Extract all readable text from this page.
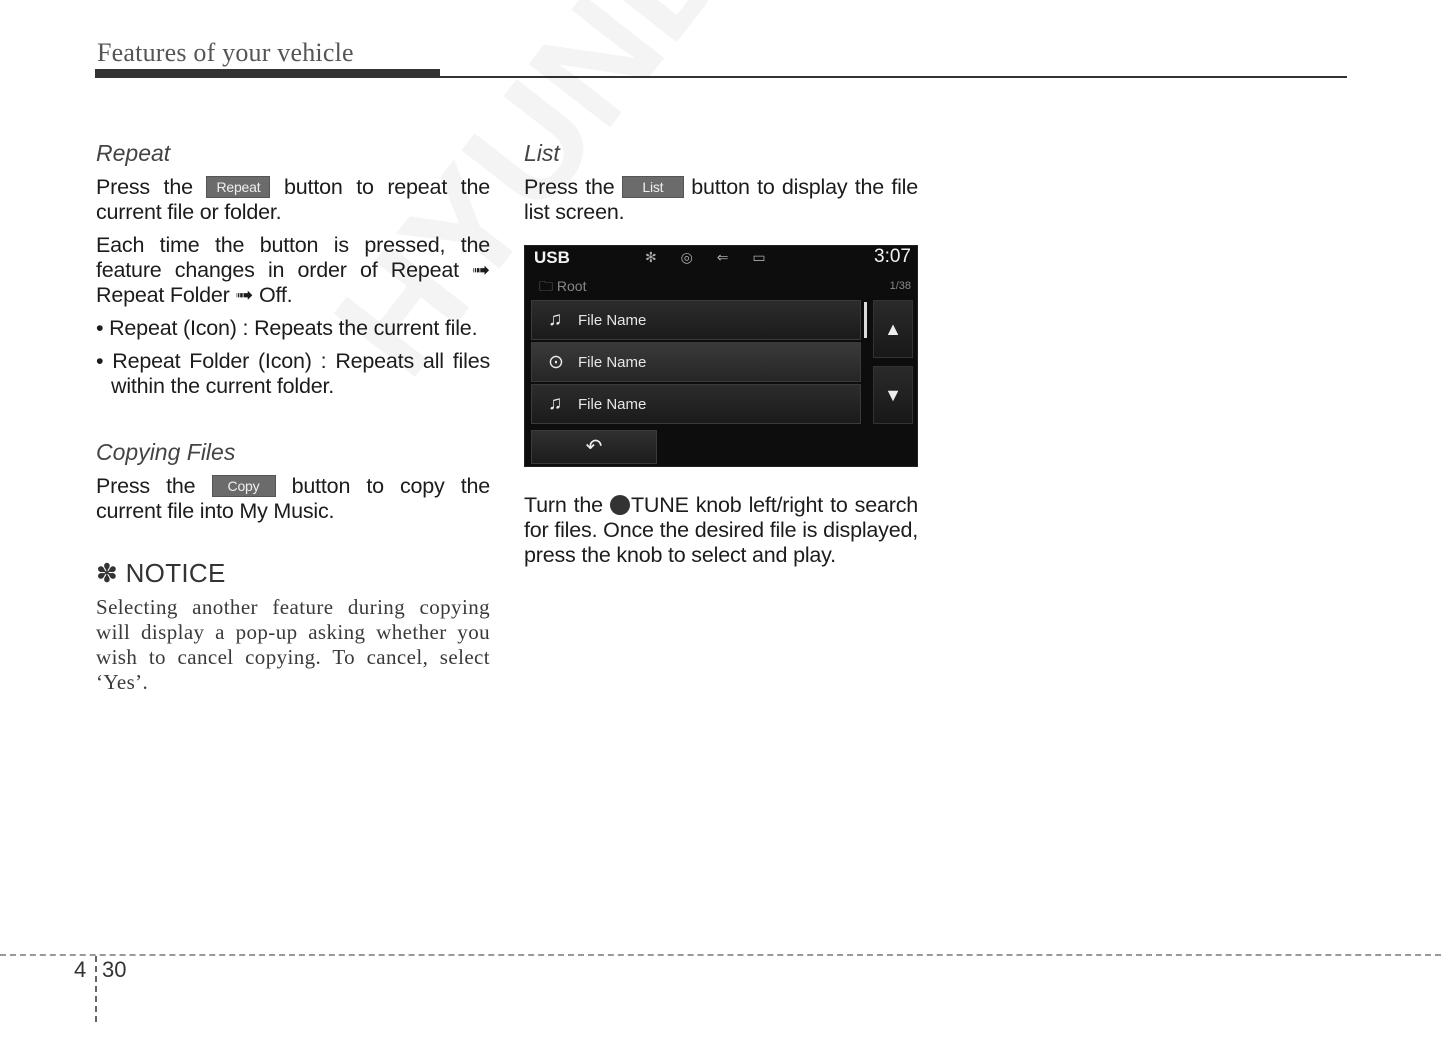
Features of your vehicle
Repeat

Press the Repeat button to repeat the current file or folder.

Each time the button is pressed, the feature changes in order of Repeat ➟ Repeat Folder ➟ Off.

• Repeat (Icon) : Repeats the current file.

• Repeat Folder (Icon) : Repeats all files within the current folder.

Copying Files

Press the Copy button to copy the current file into My Music.

✽ NOTICE

Selecting another feature during copying will display a pop-up asking whether you wish to cancel copying. To cancel, select ‘Yes’.

List

Press the List button to display the file list screen.

USB	✻ ◎ ⇐ ▭	3:07
🗀 Root	1/38
♫ File Name
⊙ File Name
♫ File Name
▲
▼
↶

Turn the TUNE knob left/right to search for files. Once the desired file is displayed, press the knob to select and play.

4 30
